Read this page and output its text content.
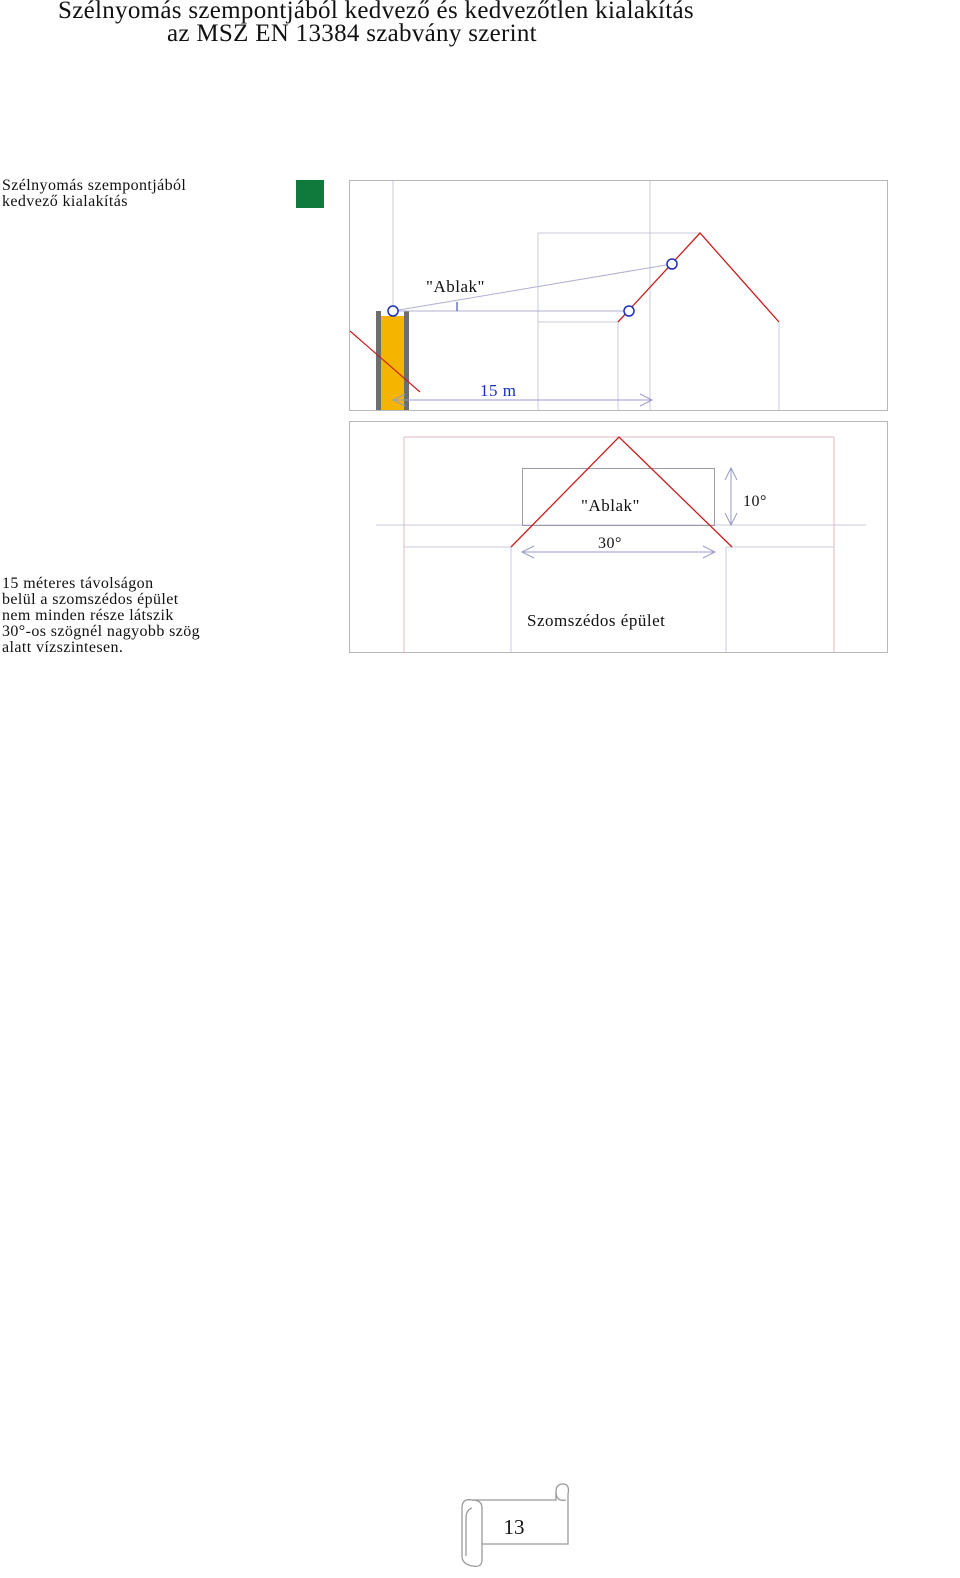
Szélnyomás szempontjából kedvező és kedvezőtlen kialakítás
az MSZ EN 13384 szabvány szerint
Szélnyomás szempontjából
kedvező kialakítás
15 méteres távolságon
belül a szomszédos épület
nem minden része látszik
30°-os szögnél nagyobb szög
alatt vízszintesen.
"Ablak"
15 m
"Ablak"	10°
30°
Szomszédos épület
13
